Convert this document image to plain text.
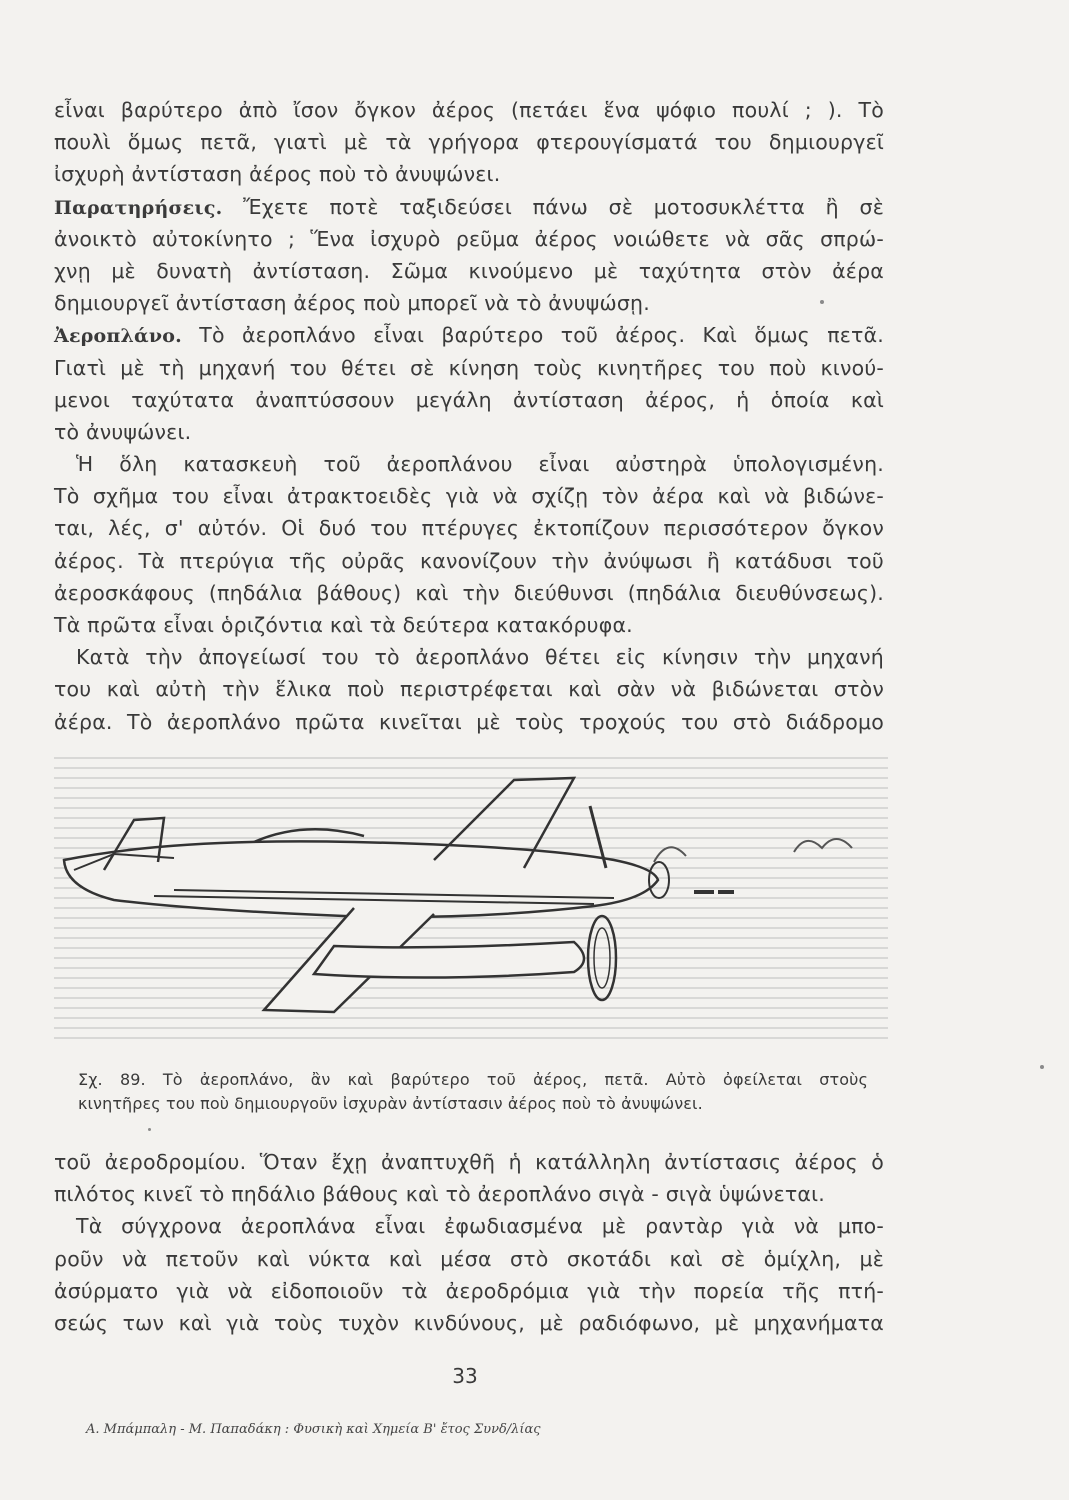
εἶναι βαρύτερο ἀπὸ ἴσον ὄγκον ἀέρος (πετάει ἕνα ψόφιο πουλί ; ). Τὸ
πουλὶ ὅμως πετᾶ, γιατὶ μὲ τὰ γρήγορα φτερουγίσματά του δημιουργεῖ
ἰσχυρὴ ἀντίσταση ἀέρος ποὺ τὸ ἀνυψώνει.
Παρατηρήσεις. Ἔχετε ποτὲ ταξιδεύσει πάνω σὲ μοτοσυκλέττα ἢ σὲ
ἀνοικτὸ αὐτοκίνητο ; Ἕνα ἰσχυρὸ ρεῦμα ἀέρος νοιώθετε νὰ σᾶς σπρώ-
χνῃ μὲ δυνατὴ ἀντίσταση. Σῶμα κινούμενο μὲ ταχύτητα στὸν ἀέρα
δημιουργεῖ ἀντίσταση ἀέρος ποὺ μπορεῖ νὰ τὸ ἀνυψώσῃ.
Ἀεροπλάνο. Τὸ ἀεροπλάνο εἶναι βαρύτερο τοῦ ἀέρος. Καὶ ὅμως πετᾶ.
Γιατὶ μὲ τὴ μηχανή του θέτει σὲ κίνηση τοὺς κινητῆρες του ποὺ κινού-
μενοι ταχύτατα ἀναπτύσσουν μεγάλη ἀντίσταση ἀέρος, ἡ ὁποία καὶ
τὸ ἀνυψώνει.
Ἡ ὅλη κατασκευὴ τοῦ ἀεροπλάνου εἶναι αὐστηρὰ ὑπολογισμένη.
Τὸ σχῆμα του εἶναι ἀτρακτοειδὲς γιὰ νὰ σχίζῃ τὸν ἀέρα καὶ νὰ βιδώνε-
ται, λές, σ' αὐτόν. Οἱ δυό του πτέρυγες ἐκτοπίζουν περισσότερον ὄγκον
ἀέρος. Τὰ πτερύγια τῆς οὐρᾶς κανονίζουν τὴν ἀνύψωσι ἢ κατάδυσι τοῦ
ἀεροσκάφους (πηδάλια βάθους) καὶ τὴν διεύθυνσι (πηδάλια διευθύνσεως).
Τὰ πρῶτα εἶναι ὁριζόντια καὶ τὰ δεύτερα κατακόρυφα.
Κατὰ τὴν ἀπογείωσί του τὸ ἀεροπλάνο θέτει εἰς κίνησιν τὴν μηχανή
του καὶ αὐτὴ τὴν ἕλικα ποὺ περιστρέφεται καὶ σὰν νὰ βιδώνεται στὸν
ἀέρα. Τὸ ἀεροπλάνο πρῶτα κινεῖται μὲ τοὺς τροχούς του στὸ διάδρομο
Σχ. 89. Τὸ ἀεροπλάνο, ἂν καὶ βαρύτερο τοῦ ἀέρος, πετᾶ. Αὐτὸ ὀφείλεται στοὺς
κινητῆρες του ποὺ δημιουργοῦν ἰσχυρὰν ἀντίστασιν ἀέρος ποὺ τὸ ἀνυψώνει.
τοῦ ἀεροδρομίου. Ὅταν ἔχῃ ἀναπτυχθῆ ἡ κατάλληλη ἀντίστασις ἀέρος ὁ
πιλότος κινεῖ τὸ πηδάλιο βάθους καὶ τὸ ἀεροπλάνο σιγὰ - σιγὰ ὑψώνεται.
Τὰ σύγχρονα ἀεροπλάνα εἶναι ἐφωδιασμένα μὲ ραντὰρ γιὰ νὰ μπο-
ροῦν νὰ πετοῦν καὶ νύκτα καὶ μέσα στὸ σκοτάδι καὶ σὲ ὁμίχλη, μὲ
ἀσύρματο γιὰ νὰ εἰδοποιοῦν τὰ ἀεροδρόμια γιὰ τὴν πορεία τῆς πτή-
σεώς των καὶ γιὰ τοὺς τυχὸν κινδύνους, μὲ ραδιόφωνο, μὲ μηχανήματα
33
Α. Μπάμπαλη - Μ. Παπαδάκη : Φυσικὴ καὶ Χημεία Β' ἔτος Συνδ/λίας
